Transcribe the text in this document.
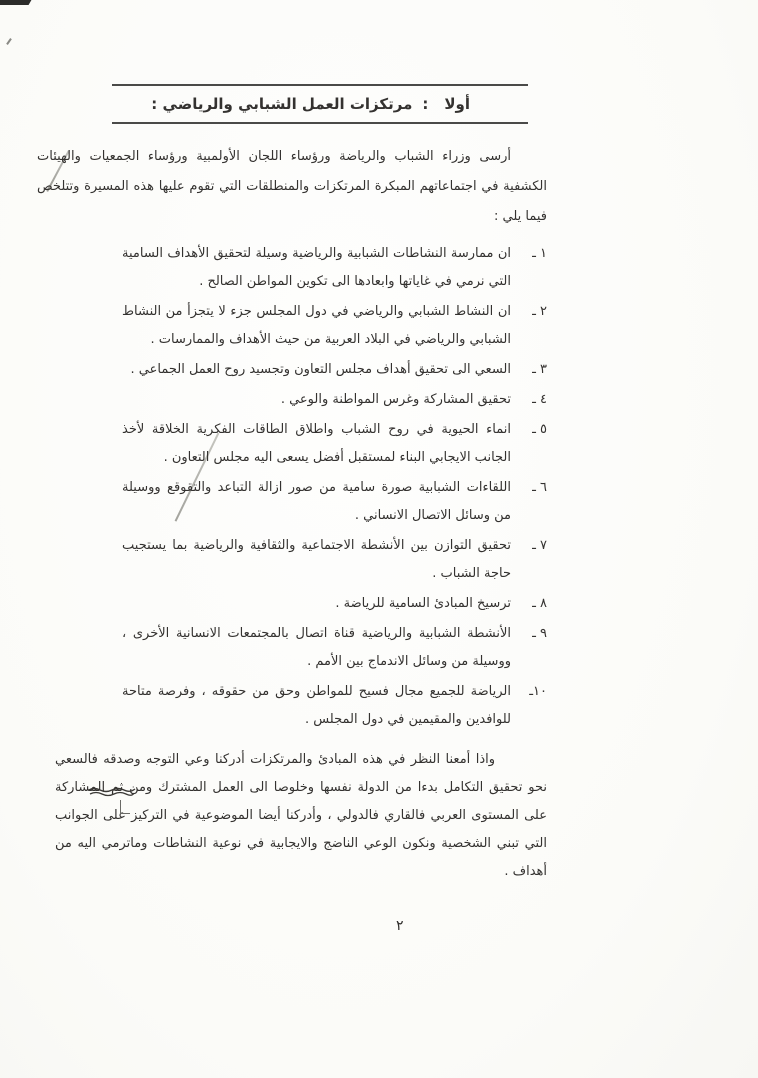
أولا:مرتكزات العمل الشبابي والرياضي :

أرسى وزراء الشباب والرياضة ورؤساء اللجان الأولمبية ورؤساء الجمعيات والهيئات الكشفية في اجتماعاتهم المبكرة المرتكزات والمنطلقات التي تقوم عليها هذه المسيرة وتتلخص فيما يلي :

١ ـ
ان ممارسة النشاطات الشبابية والرياضية وسيلة لتحقيق الأهداف السامية التي نرمي في غاياتها وابعادها الى تكوين المواطن الصالح .
٢ ـ
ان النشاط الشبابي والرياضي في دول المجلس جزء لا يتجزأ من النشاط الشبابي والرياضي في البلاد العربية من حيث الأهداف والممارسات .
٣ ـ
السعي الى تحقيق أهداف مجلس التعاون وتجسيد روح العمل الجماعي .
٤ ـ
تحقيق المشاركة وغرس المواطنة والوعي .
٥ ـ
انماء الحيوية في روح الشباب واطلاق الطاقات الفكرية الخلاقة لأخذ الجانب الايجابي البناء لمستقبل أفضل يسعى اليه مجلس التعاون .
٦ ـ
اللقاءات الشبابية صورة سامية من صور ازالة التباعد والتقوقع ووسيلة من وسائل الاتصال الانساني .
٧ ـ
تحقيق التوازن بين الأنشطة الاجتماعية والثقافية والرياضية بما يستجيب حاجة الشباب .
٨ ـ
ترسيخ المبادئ السامية للرياضة .
٩ ـ
الأنشطة الشبابية والرياضية قناة اتصال بالمجتمعات الانسانية الأخرى ، ووسيلة من وسائل الاندماج بين الأمم .
١٠ـ
الرياضة للجميع مجال فسيح للمواطن وحق من حقوقه ، وفرصة متاحة للوافدين والمقيمين في دول المجلس .

واذا أمعنا النظر في هذه المبادئ والمرتكزات أدركنا وعي التوجه وصدقه فالسعي نحو تحقيق التكامل بدءا من الدولة نفسها وخلوصا الى العمل المشترك ومن ثم المشاركة على المستوى العربي فالقاري فالدولي ، وأدركنا أيضا الموضوعية في التركيز على الجوانب التي تبني الشخصية ونكون الوعي الناضج والايجابية في نوعية النشاطات وماترمي اليه من أهداف .

٢
